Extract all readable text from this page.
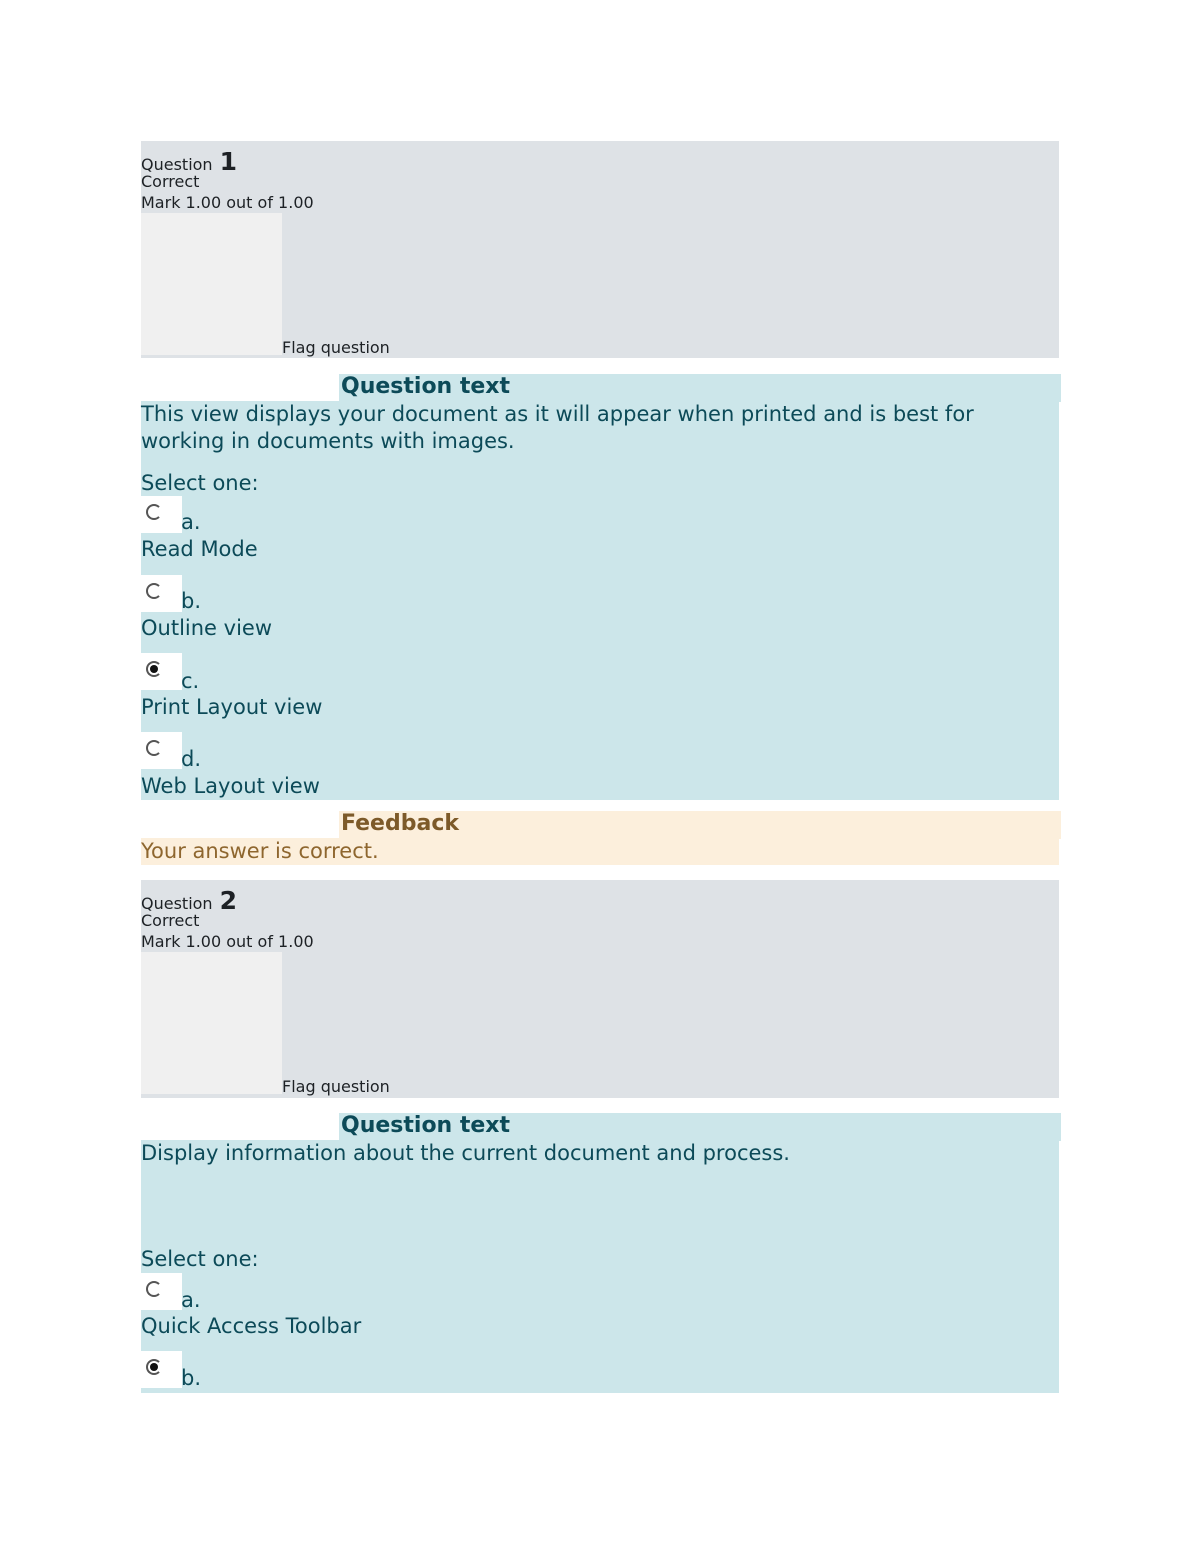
Question 1
Correct
Mark 1.00 out of 1.00
Flag question
Question text
This view displays your document as it will appear when printed and is best for working in documents with images.
Select one:
a.
Read Mode
b.
Outline view
c.
Print Layout view
d.
Web Layout view
Feedback
Your answer is correct.
Question 2
Correct
Mark 1.00 out of 1.00
Flag question
Question text
Display information about the current document and process.
Select one:
a.
Quick Access Toolbar
b.
